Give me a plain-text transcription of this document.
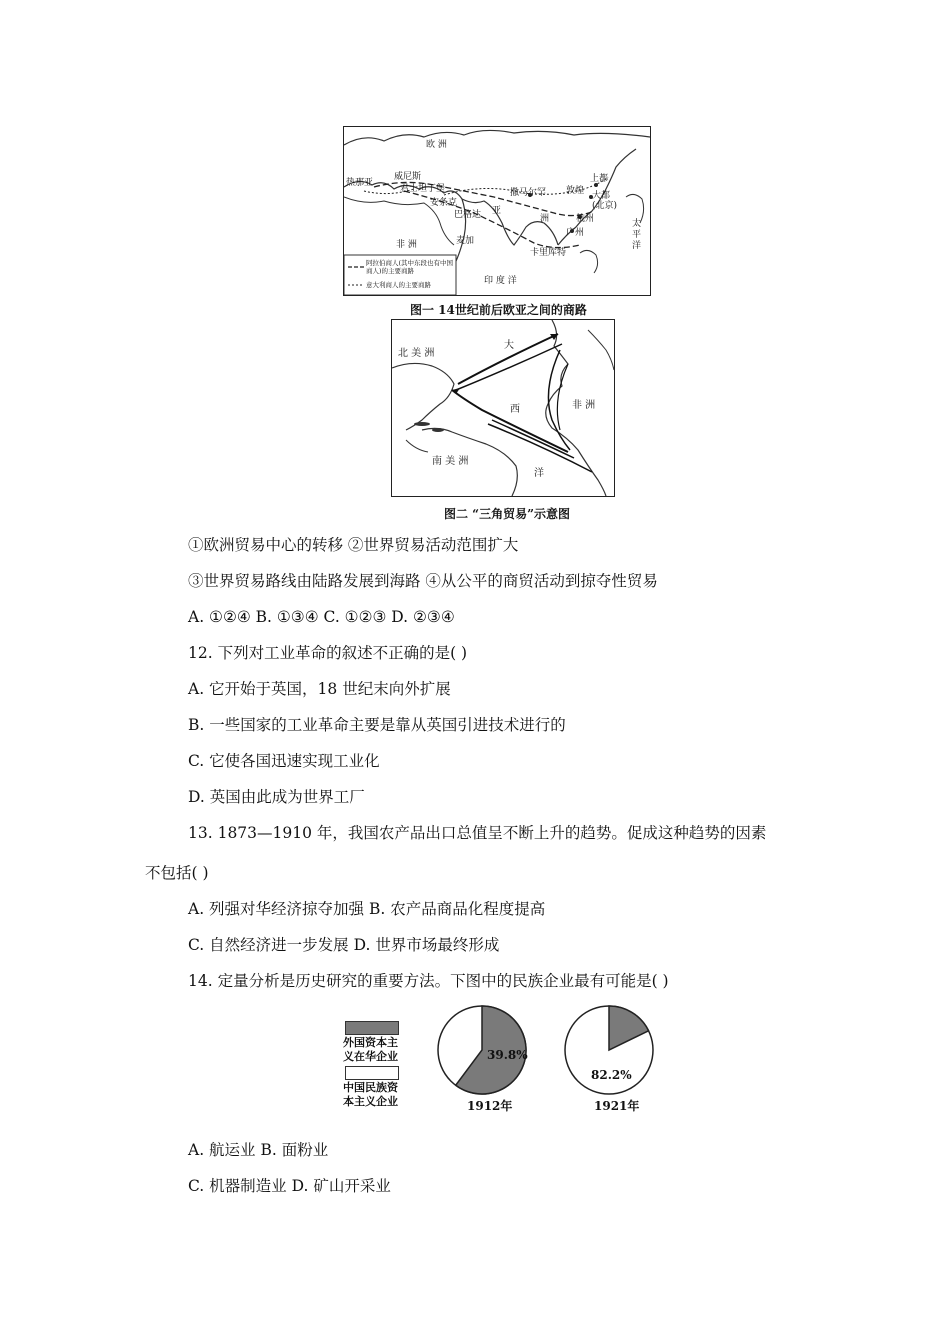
欧 洲
热那亚
威尼斯
君士坦丁堡
安条克
巴格达
撒马尔罕 敦煌
上都
大都(北京)
亚
洲	杭州
广州
非 洲	麦加
卡里库特
印 度 洋
太平洋
阿拉伯商人(其中东段也有中国商人)的主要商路
意大利商人的主要商路
图一 14世纪前后欧亚之间的商路
北 美 洲
大
西
洋
非 洲
南 美 洲
图二 “三角贸易”示意图
①欧洲贸易中心的转移 ②世界贸易活动范围扩大
③世界贸易路线由陆路发展到海路 ④从公平的商贸活动到掠夺性贸易
A. ①②④ B. ①③④ C. ①②③ D. ②③④
12. 下列对工业革命的叙述不正确的是( )
A. 它开始于英国，18 世纪末向外扩展
B. 一些国家的工业革命主要是靠从英国引进技术进行的
C. 它使各国迅速实现工业化
D. 英国由此成为世界工厂
13. 1873—1910 年，我国农产品出口总值呈不断上升的趋势。促成这种趋势的因素
不包括( )
A. 列强对华经济掠夺加强 B. 农产品商品化程度提高
C. 自然经济进一步发展 D. 世界市场最终形成
14. 定量分析是历史研究的重要方法。下图中的民族企业最有可能是( )
外国资本主义在华企业
中国民族资本主义企业
39.8%
82.2%
1912年	1921年
A. 航运业 B. 面粉业
C. 机器制造业 D. 矿山开采业
